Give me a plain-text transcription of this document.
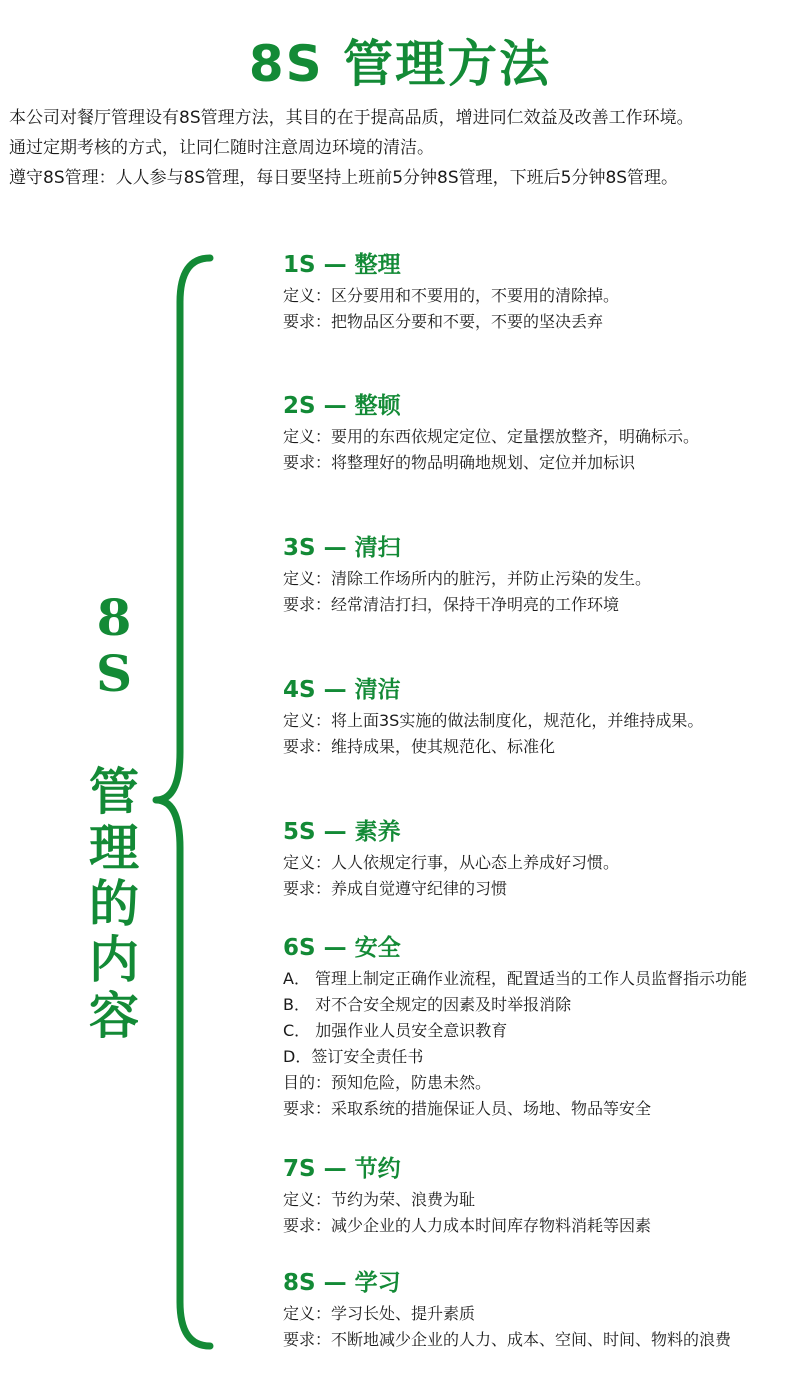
8S 管理方法
本公司对餐厅管理设有8S管理方法，其目的在于提高品质，增进同仁效益及改善工作环境。
通过定期考核的方式，让同仁随时注意周边环境的清洁。
遵守8S管理：人人参与8S管理，每日要坚持上班前5分钟8S管理，下班后5分钟8S管理。
8
S
管
理
的
内
容
1S — 整理
定义：区分要用和不要用的，不要用的清除掉。
要求：把物品区分要和不要，不要的坚决丢弃
2S — 整顿
定义：要用的东西依规定定位、定量摆放整齐，明确标示。
要求：将整理好的物品明确地规划、定位并加标识
3S — 清扫
定义：清除工作场所内的脏污，并防止污染的发生。
要求：经常清洁打扫，保持干净明亮的工作环境
4S — 清洁
定义：将上面3S实施的做法制度化，规范化，并维持成果。
要求：维持成果，使其规范化、标准化
5S — 素养
定义：人人依规定行事，从心态上养成好习惯。
要求：养成自觉遵守纪律的习惯
6S — 安全
A． 管理上制定正确作业流程，配置适当的工作人员监督指示功能
B． 对不合安全规定的因素及时举报消除
C． 加强作业人员安全意识教育
D．签订安全责任书
目的：预知危险，防患未然。
要求：采取系统的措施保证人员、场地、物品等安全
7S — 节约
定义：节约为荣、浪费为耻
要求：减少企业的人力成本时间库存物料消耗等因素
8S — 学习
定义：学习长处、提升素质
要求：不断地减少企业的人力、成本、空间、时间、物料的浪费
